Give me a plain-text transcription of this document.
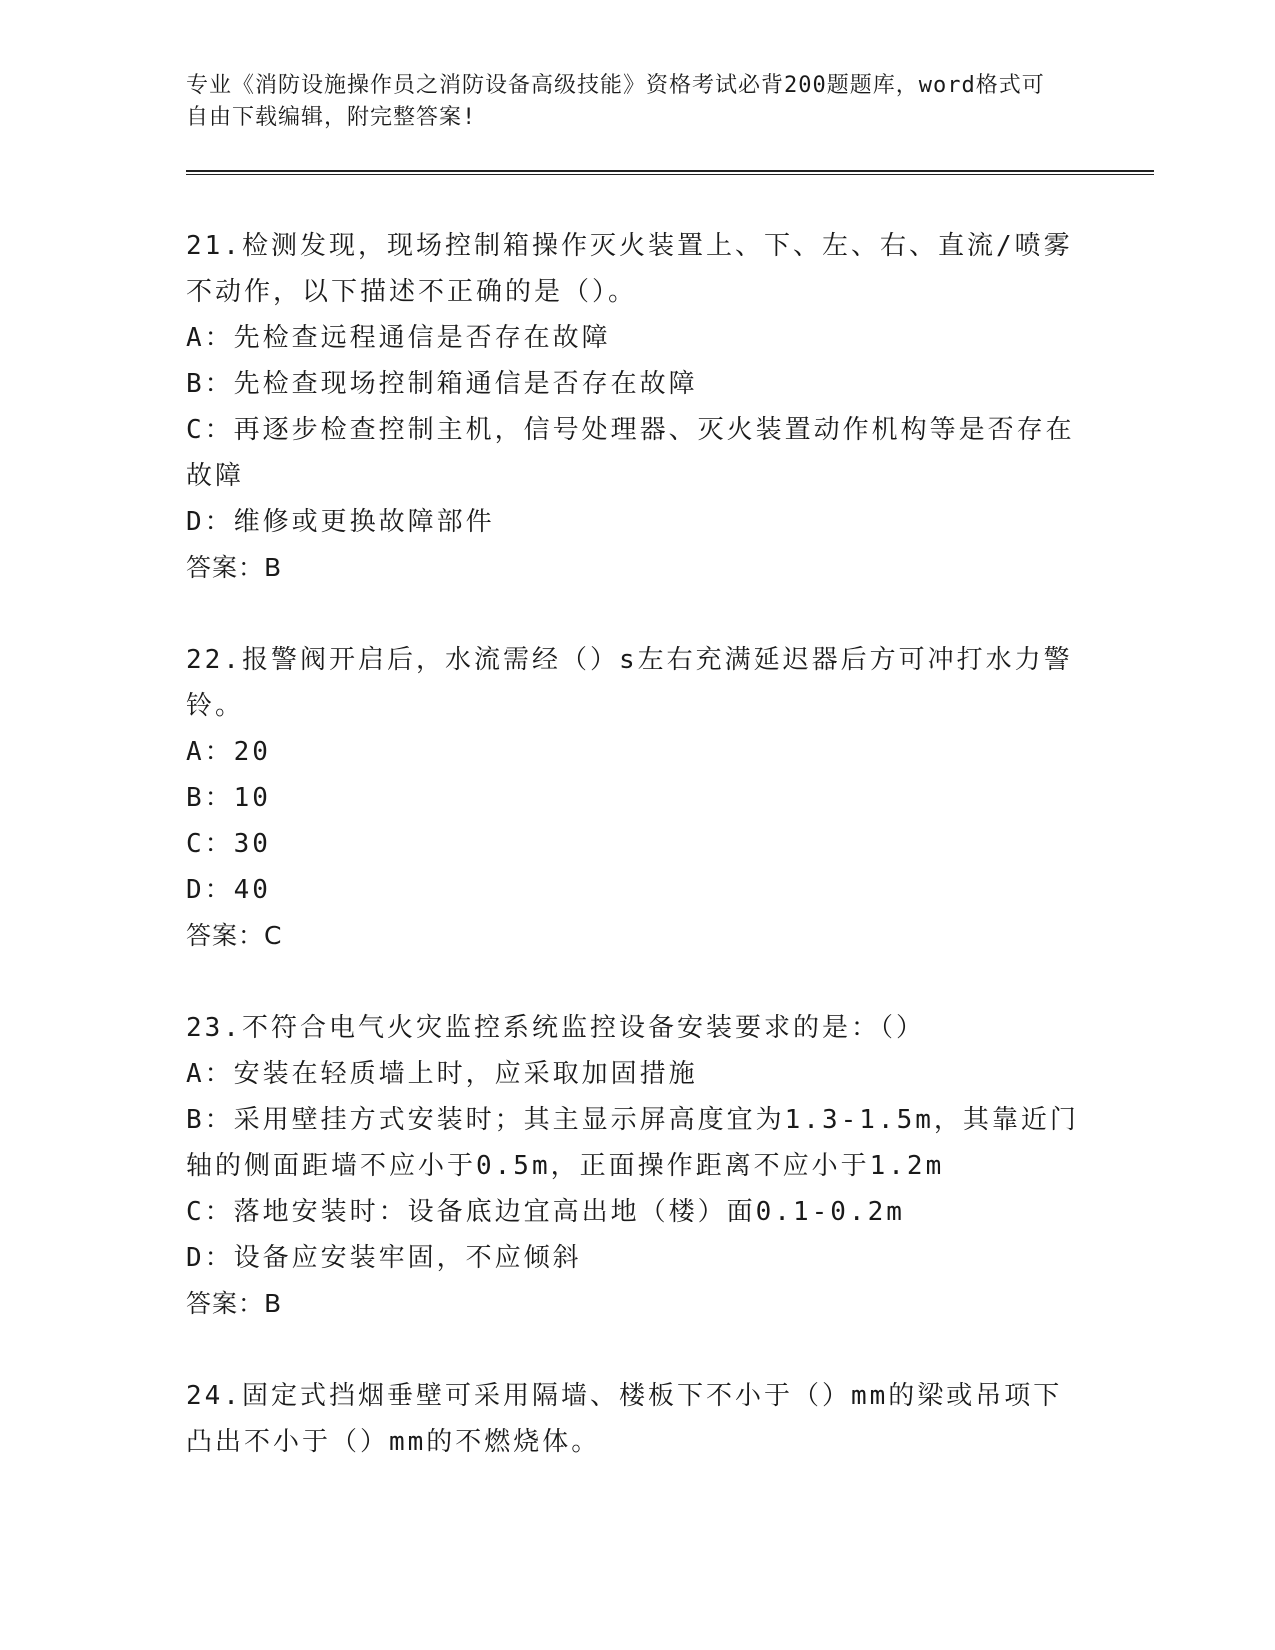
专业《消防设施操作员之消防设备高级技能》资格考试必背200题题库，word格式可自由下载编辑，附完整答案!
21.检测发现，现场控制箱操作灭火装置上、下、左、右、直流/喷雾不动作，以下描述不正确的是（）。
A：先检查远程通信是否存在故障
B：先检查现场控制箱通信是否存在故障
C：再逐步检查控制主机，信号处理器、灭火装置动作机构等是否存在故障
D：维修或更换故障部件
答案：B
22.报警阀开启后，水流需经（）s左右充满延迟器后方可冲打水力警铃。
A：20
B：10
C：30
D：40
答案：C
23.不符合电气火灾监控系统监控设备安装要求的是：（）
A：安装在轻质墙上时，应采取加固措施
B：采用壁挂方式安装时；其主显示屏高度宜为1.3-1.5m，其靠近门轴的侧面距墙不应小于0.5m，正面操作距离不应小于1.2m
C：落地安装时：设备底边宜高出地（楼）面0.1-0.2m
D：设备应安装牢固，不应倾斜
答案：B
24.固定式挡烟垂壁可采用隔墙、楼板下不小于（）mm的梁或吊项下凸出不小于（）mm的不燃烧体。
